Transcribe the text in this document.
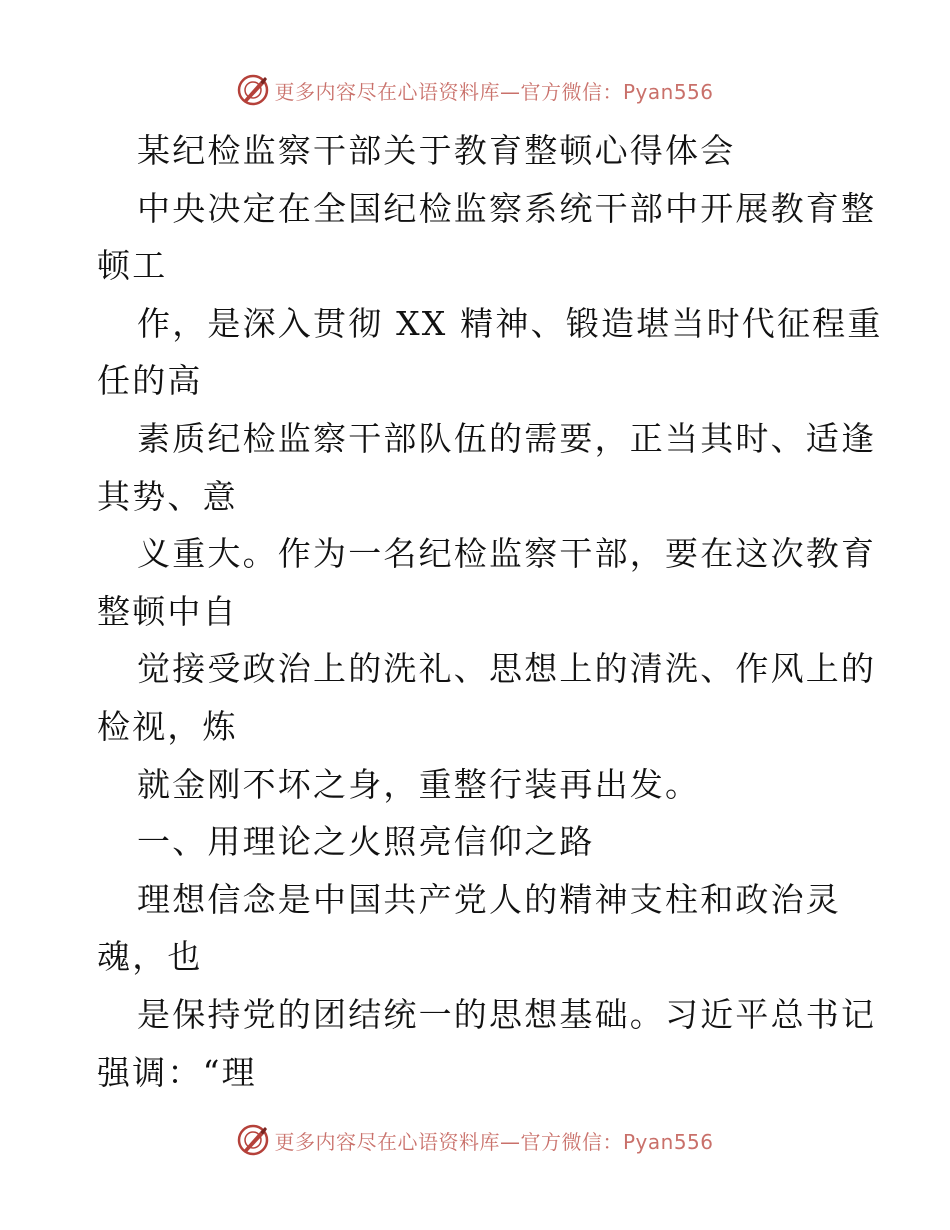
更多内容尽在心语资料库—官方微信：Pyan556
某纪检监察干部关于教育整顿心得体会
中央决定在全国纪检监察系统干部中开展教育整
顿工
作，是深入贯彻 XX 精神、锻造堪当时代征程重
任的高
素质纪检监察干部队伍的需要，正当其时、适逢
其势、意
义重大。作为一名纪检监察干部，要在这次教育
整顿中自
觉接受政治上的洗礼、思想上的清洗、作风上的
检视，炼
就金刚不坏之身，重整行装再出发。
一、用理论之火照亮信仰之路
理想信念是中国共产党人的精神支柱和政治灵
魂，也
是保持党的团结统一的思想基础。习近平总书记
强调：“理
更多内容尽在心语资料库—官方微信：Pyan556
